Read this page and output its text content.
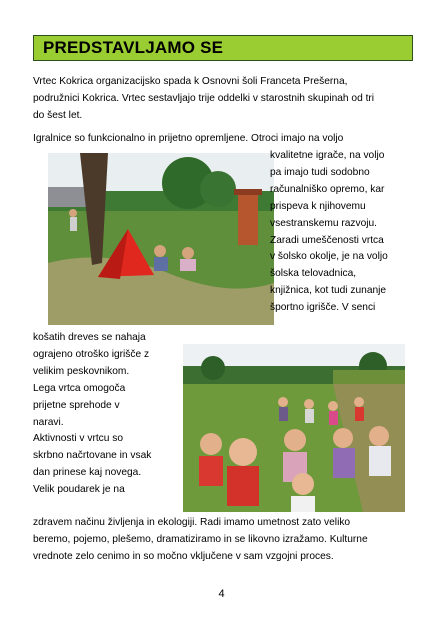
PREDSTAVLJAMO SE
Vrtec Kokrica organizacijsko spada k Osnovni šoli Franceta Prešerna,
podružnici Kokrica. Vrtec sestavljajo trije oddelki v starostnih skupinah od tri
do šest let.
Igralnice so funkcionalno in prijetno opremljene. Otroci imajo na voljo
kvalitetne igrače, na voljo
pa imajo tudi sodobno
računalniško opremo, kar
prispeva k njihovemu
vsestranskemu razvoju.
Zaradi umeščenosti vrtca
v šolsko okolje, je na voljo
šolska telovadnica,
knjižnica, kot tudi zunanje
športno igrišče. V senci
košatih dreves se nahaja
ograjeno otroško igrišče z
velikim peskovnikom.
Lega vrtca omogoča
prijetne sprehode v
naravi.
Aktivnosti v vrtcu so
skrbno načrtovane in vsak
dan prinese kaj novega.
Velik poudarek je na
zdravem načinu življenja in ekologiji. Radi imamo umetnost zato veliko
beremo, pojemo, plešemo, dramatiziramo in se likovno izražamo. Kulturne
vrednote zelo cenimo in so močno vključene v sam vzgojni proces.
4
